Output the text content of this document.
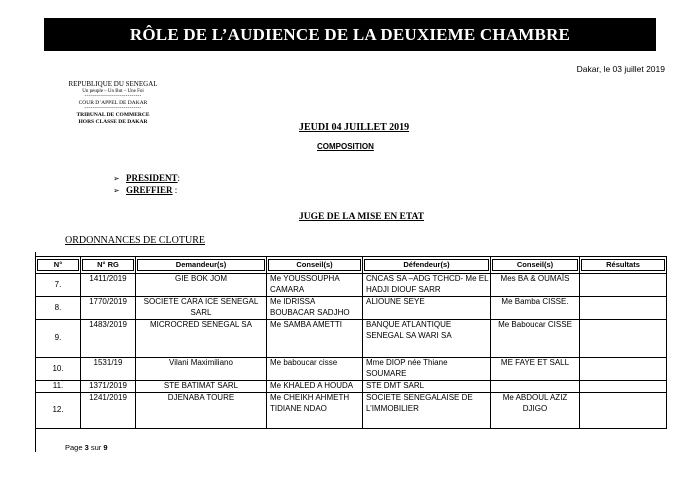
RÔLE DE L’AUDIENCE DE LA DEUXIEME CHAMBRE
Dakar, le 03 juillet 2019
REPUBLIQUE DU SENEGAL
Un peuple – Un But – Une Foi
-----------------------------
COUR D’APPEL DE DAKAR
-----------------------------
TRIBUNAL DE COMMERCE
HORS CLASSE DE DAKAR	JEUDI 04 JUILLET 2019
COMPOSITION
➢ PRESIDENT:
➢ GREFFIER :
JUGE DE LA MISE EN ETAT
ORDONNANCES DE CLOTURE
N°	N° RG	Demandeur(s)	Conseil(s)	Défendeur(s)	Conseil(s)	Résultats

7.	1411/2019	GIE BOK JOM	Me YOUSSOUPHA CAMARA	CNCAS SA –ADG TCHCD- Me EL HADJI DIOUF SARR	Mes BA & OUMAÏS	
8.	1770/2019	SOCIETE CARA ICE SENEGAL SARL	Me IDRISSA BOUBACAR SADJHO	ALIOUNE SEYE	Me Bamba CISSE.	
9.	1483/2019	MICROCRED SENEGAL SA	Me SAMBA AMETTI	BANQUE ATLANTIQUE SENEGAL SA WARI SA	Me Baboucar CISSE	
10.	1531/19	Vilani Maximiliano	Me baboucar cisse	Mme DIOP née Thiane SOUMARE	ME FAYE ET SALL	
11.	1371/2019	STE BATIMAT SARL	Me KHALED A HOUDA	STE DMT SARL		
12.	1241/2019	DJENABA TOURE	Me CHEIKH AHMETH TIDIANE NDAO	SOCIETE SENEGALAISE DE L’IMMOBILIER	Me ABDOUL AZIZ DJIGO	
Page 3 sur 9
